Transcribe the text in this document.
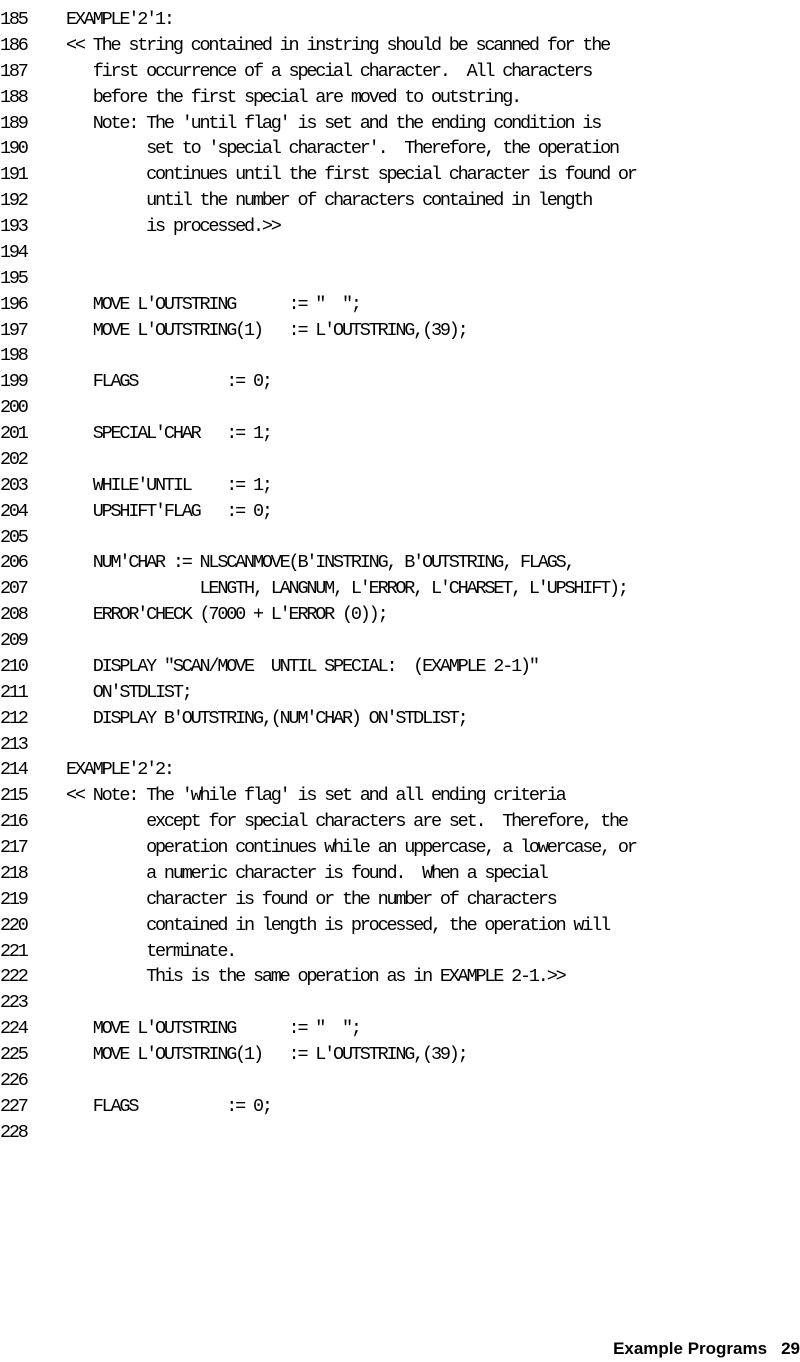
185 EXAMPLE'2'1:
186 << The string contained in instring should be scanned for the
187   first occurrence of a special character.  All characters
188   before the first special are moved to outstring.
189   Note: The 'until flag' is set and the ending condition is
190         set to 'special character'.  Therefore, the operation
191         continues until the first special character is found or
192         until the number of characters contained in length
193         is processed.>>
194
195
196   MOVE L'OUTSTRING      := "  ";
197   MOVE L'OUTSTRING(1)   := L'OUTSTRING,(39);
198
199   FLAGS          := 0;
200
201   SPECIAL'CHAR   := 1;
202
203   WHILE'UNTIL    := 1;
204   UPSHIFT'FLAG   := 0;
205
206   NUM'CHAR := NLSCANMOVE(B'INSTRING, B'OUTSTRING, FLAGS,
207               LENGTH, LANGNUM, L'ERROR, L'CHARSET, L'UPSHIFT);
208   ERROR'CHECK (7000 + L'ERROR (0));
209
210   DISPLAY "SCAN/MOVE  UNTIL SPECIAL:  (EXAMPLE 2-1)"
211   ON'STDLIST;
212   DISPLAY B'OUTSTRING,(NUM'CHAR) ON'STDLIST;
213
214 EXAMPLE'2'2:
215 << Note: The 'while flag' is set and all ending criteria
216         except for special characters are set.  Therefore, the
217         operation continues while an uppercase, a lowercase, or
218         a numeric character is found.  When a special
219         character is found or the number of characters
220         contained in length is processed, the operation will
221         terminate.
222         This is the same operation as in EXAMPLE 2-1.>>
223
224   MOVE L'OUTSTRING      := "  ";
225   MOVE L'OUTSTRING(1)   := L'OUTSTRING,(39);
226
227   FLAGS          := 0;
228
Example Programs 29
